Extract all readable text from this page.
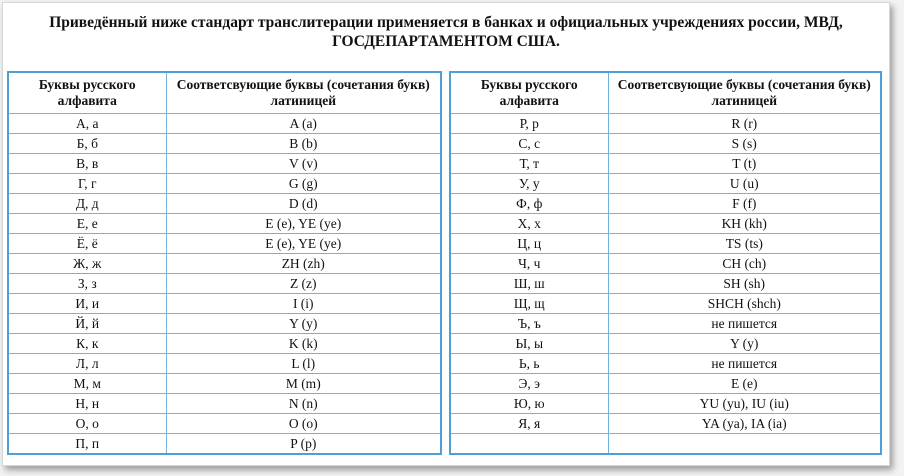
Приведённый ниже стандарт транслитерации применяется в банках и официальных учреждениях россии, МВД,
ГОСДЕПАРТАМЕНТОМ США.
Буквы русского алфавита	Соответсвующие буквы (сочетания букв) латиницей
А, а	A (a)
Б, б	B (b)
В, в	V (v)
Г, г	G (g)
Д, д	D (d)
Е, е	E (e), YE (ye)
Ё, ё	E (e), YE (ye)
Ж, ж	ZH (zh)
З, з	Z (z)
И, и	I (i)
Й, й	Y (y)
К, к	K (k)
Л, л	L (l)
М, м	M (m)
Н, н	N (n)
О, о	O (o)
П, п	P (p)
Буквы русского алфавита	Соответсвующие буквы (сочетания букв) латиницей
Р, р	R (r)
С, с	S (s)
Т, т	T (t)
У, у	U (u)
Ф, ф	F (f)
Х, х	KH (kh)
Ц, ц	TS (ts)
Ч, ч	CH (ch)
Ш, ш	SH (sh)
Щ, щ	SHCH (shch)
Ъ, ъ	не пишется
Ы, ы	Y (y)
Ь, ь	не пишется
Э, э	E (e)
Ю, ю	YU (yu), IU (iu)
Я, я	YA (ya), IA (ia)
